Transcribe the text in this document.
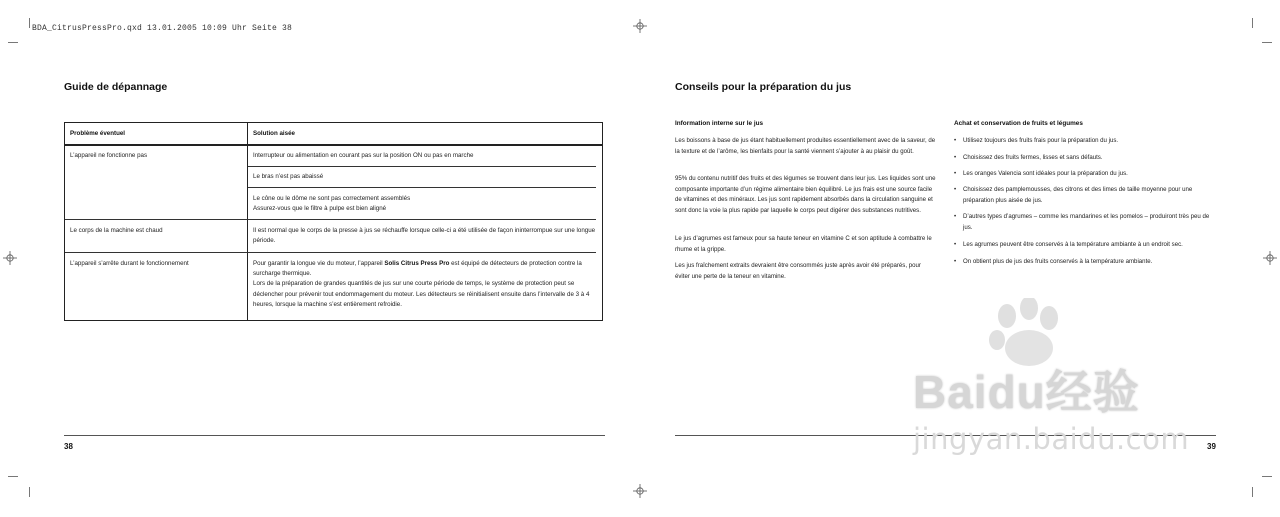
BDA_CitrusPressPro.qxd 13.01.2005 10:09 Uhr Seite 38
Guide de dépannage
Problème éventuel	Solution aisée
L’appareil ne fonctionne pas	Interrupteur ou alimentation en courant pas sur la position ON ou pas en marche
Le bras n’est pas abaissé
Le cône ou le dôme ne sont pas correctement assemblés
Assurez-vous que le filtre à pulpe est bien aligné
Le corps de la machine est chaud	Il est normal que le corps de la presse à jus se réchauffe lorsque celle-ci a été utilisée de façon ininterrompue sur une longue période.
L’appareil s’arrête durant le fonctionnement	Pour garantir la longue vie du moteur, l’appareil Solis Citrus Press Pro est équipé de détecteurs de protection contre la surcharge thermique.
Lors de la préparation de grandes quantités de jus sur une courte période de temps, le système de protection peut se déclencher pour prévenir tout endommagement du moteur. Les détecteurs se réinitialisent ensuite dans l’intervalle de 3 à 4 heures, lorsque la machine s’est entièrement refroidie.
38
Conseils pour la préparation du jus
Information interne sur le jus
Les boissons à base de jus étant habituellement produites essentiellement avec de la saveur, de la texture et de l’arôme, les bienfaits pour la santé viennent s’ajouter à au plaisir du goût.
95% du contenu nutritif des fruits et des légumes se trouvent dans leur jus. Les liquides sont une composante importante d’un régime alimentaire bien équilibré. Le jus frais est une source facile de vitamines et des minéraux. Les jus sont rapidement absorbés dans la circulation sanguine et sont donc la voie la plus rapide par laquelle le corps peut digérer des substances nutritives.
Le jus d’agrumes est fameux pour sa haute teneur en vitamine C et son aptitude à combattre le rhume et la grippe.
Les jus fraîchement extraits devraient être consommés juste après avoir été préparés, pour éviter une perte de la teneur en vitamine.
Achat et conservation de fruits et légumes
• Utilisez toujours des fruits frais pour la préparation du jus.
• Choisissez des fruits fermes, lisses et sans défauts.
• Les oranges Valencia sont idéales pour la préparation du jus.
• Choisissez des pamplemousses, des citrons et des limes de taille moyenne pour une préparation plus aisée de jus.
• D’autres types d’agrumes – comme les mandarines et les pomelos – produiront très peu de jus.
• Les agrumes peuvent être conservés à la température ambiante à un endroit sec.
• On obtient plus de jus des fruits conservés à la température ambiante.
39
Baidu经验
jingyan.baidu.com
